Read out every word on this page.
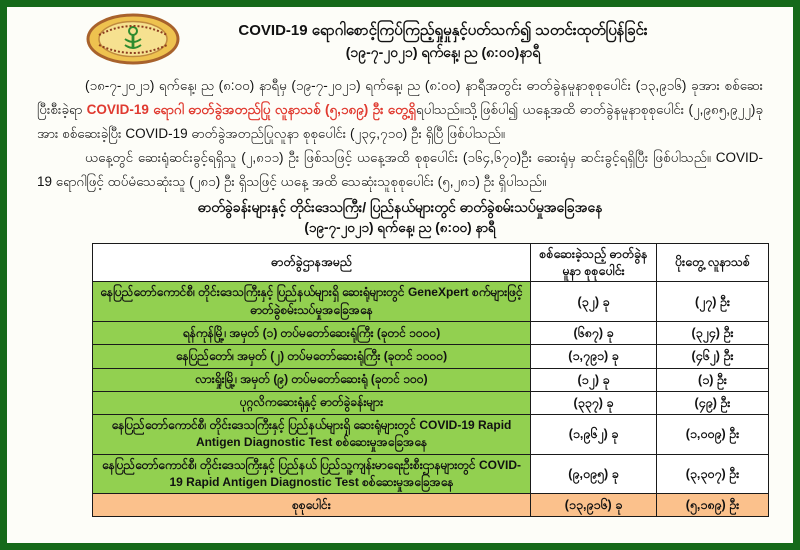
COVID-19 ရောဂါစောင့်ကြပ်ကြည့်ရှုမှုနှင့်ပတ်သက်၍ သတင်းထုတ်ပြန်ခြင်း
(၁၉-၇-၂၀၂၁) ရက်နေ့၊ ည (၈:၀၀)နာရီ

(၁၈-၇-၂၀၂၁) ရက်နေ့၊ ည (၈:၀၀) နာရီမှ (၁၉-၇-၂၀၂၁) ရက်နေ့၊ ည (၈:၀၀) နာရီအတွင်း ဓာတ်ခွဲနမူနာစုစုပေါင်း (၁၃,၉၁၆) ခုအား စစ်ဆေးပြီးစီးခဲ့ရာ COVID-19 ရောဂါ ဓာတ်ခွဲအတည်ပြု လူနာသစ် (၅,၁၈၉) ဦး တွေ့ရှိရပါသည်။သို့ဖြစ်ပါ၍ ယနေ့အထိ ဓာတ်ခွဲနမူနာစုစုပေါင်း (၂,၉၈၅,၉၂၂)ခု အား စစ်ဆေးခဲ့ပြီး COVID-19 ဓာတ်ခွဲအတည်ပြုလူနာ စုစုပေါင်း (၂၃၄,၇၁၀) ဦး ရှိပြီ ဖြစ်ပါသည်။

ယနေ့တွင် ဆေးရုံဆင်းခွင့်ရရှိသူ (၂,၈၁၁) ဦး ဖြစ်သဖြင့် ယနေ့အထိ စုစုပေါင်း (၁၆၄,၆၇၀)ဦး ဆေးရုံမှ ဆင်းခွင့်ရရှိပြီး ဖြစ်ပါသည်။ COVID-19 ရောဂါဖြင့် ထပ်မံသေဆုံးသူ (၂၈၁) ဦး ရှိသဖြင့် ယနေ့ အထိ သေဆုံးသူစုစုပေါင်း (၅,၂၈၁) ဦး ရှိပါသည်။

ဓာတ်ခွဲခန်းများနှင့် တိုင်းဒေသကြီး/ ပြည်နယ်များတွင် ဓာတ်ခွဲစမ်းသပ်မှုအခြေအနေ
(၁၉-၇-၂၀၂၁) ရက်နေ့၊ ည (၈:၀၀) နာရီ
ဓာတ်ခွဲဌာနအမည်	စစ်ဆေးခဲ့သည့် ဓာတ်ခွဲနမူနာ စုစုပေါင်း	ပိုးတွေ့ လူနာသစ်
နေပြည်တော်ကောင်စီ၊ တိုင်းဒေသကြီးနှင့် ပြည်နယ်များရှိ ဆေးရုံများတွင် GeneXpert စက်များဖြင့် ဓာတ်ခွဲစမ်းသပ်မှုအခြေအနေ	(၃၂) ခု	(၂၇) ဦး
ရန်ကုန်မြို့၊ အမှတ် (၁) တပ်မတော်ဆေးရုံကြီး (ခုတင် ၁၀၀၀)	(၆၈၇) ခု	(၃၂၄) ဦး
နေပြည်တော်၊ အမှတ် (၂) တပ်မတော်ဆေးရုံကြီး (ခုတင် ၁၀၀၀)	(၁,၇၉၁) ခု	(၄၆၂) ဦး
လားရှိုးမြို့၊ အမှတ် (၉) တပ်မတော်ဆေးရုံ (ခုတင် ၁၀၀)	(၁၂) ခု	(၁) ဦး
ပုဂ္ဂလိကဆေးရုံနှင့် ဓာတ်ခွဲခန်းများ	(၃၃၇) ခု	(၄၉) ဦး
နေပြည်တော်ကောင်စီ၊ တိုင်းဒေသကြီးနှင့် ပြည်နယ်များရှိ ဆေးရုံများတွင် COVID-19 Rapid Antigen Diagnostic Test စစ်ဆေးမှုအခြေအနေ	(၁,၉၆၂) ခု	(၁,၀၀၉) ဦး
နေပြည်တော်ကောင်စီ၊ တိုင်းဒေသကြီးနှင့် ပြည်နယ် ပြည်သူ့ကျန်းမာရေးဦးစီးဌာနများတွင် COVID-19 Rapid Antigen Diagnostic Test စစ်ဆေးမှုအခြေအနေ	(၉,၀၉၅) ခု	(၃,၃၀၇) ဦး
စုစုပေါင်း	(၁၃,၉၁၆) ခု	(၅,၁၈၉) ဦး
